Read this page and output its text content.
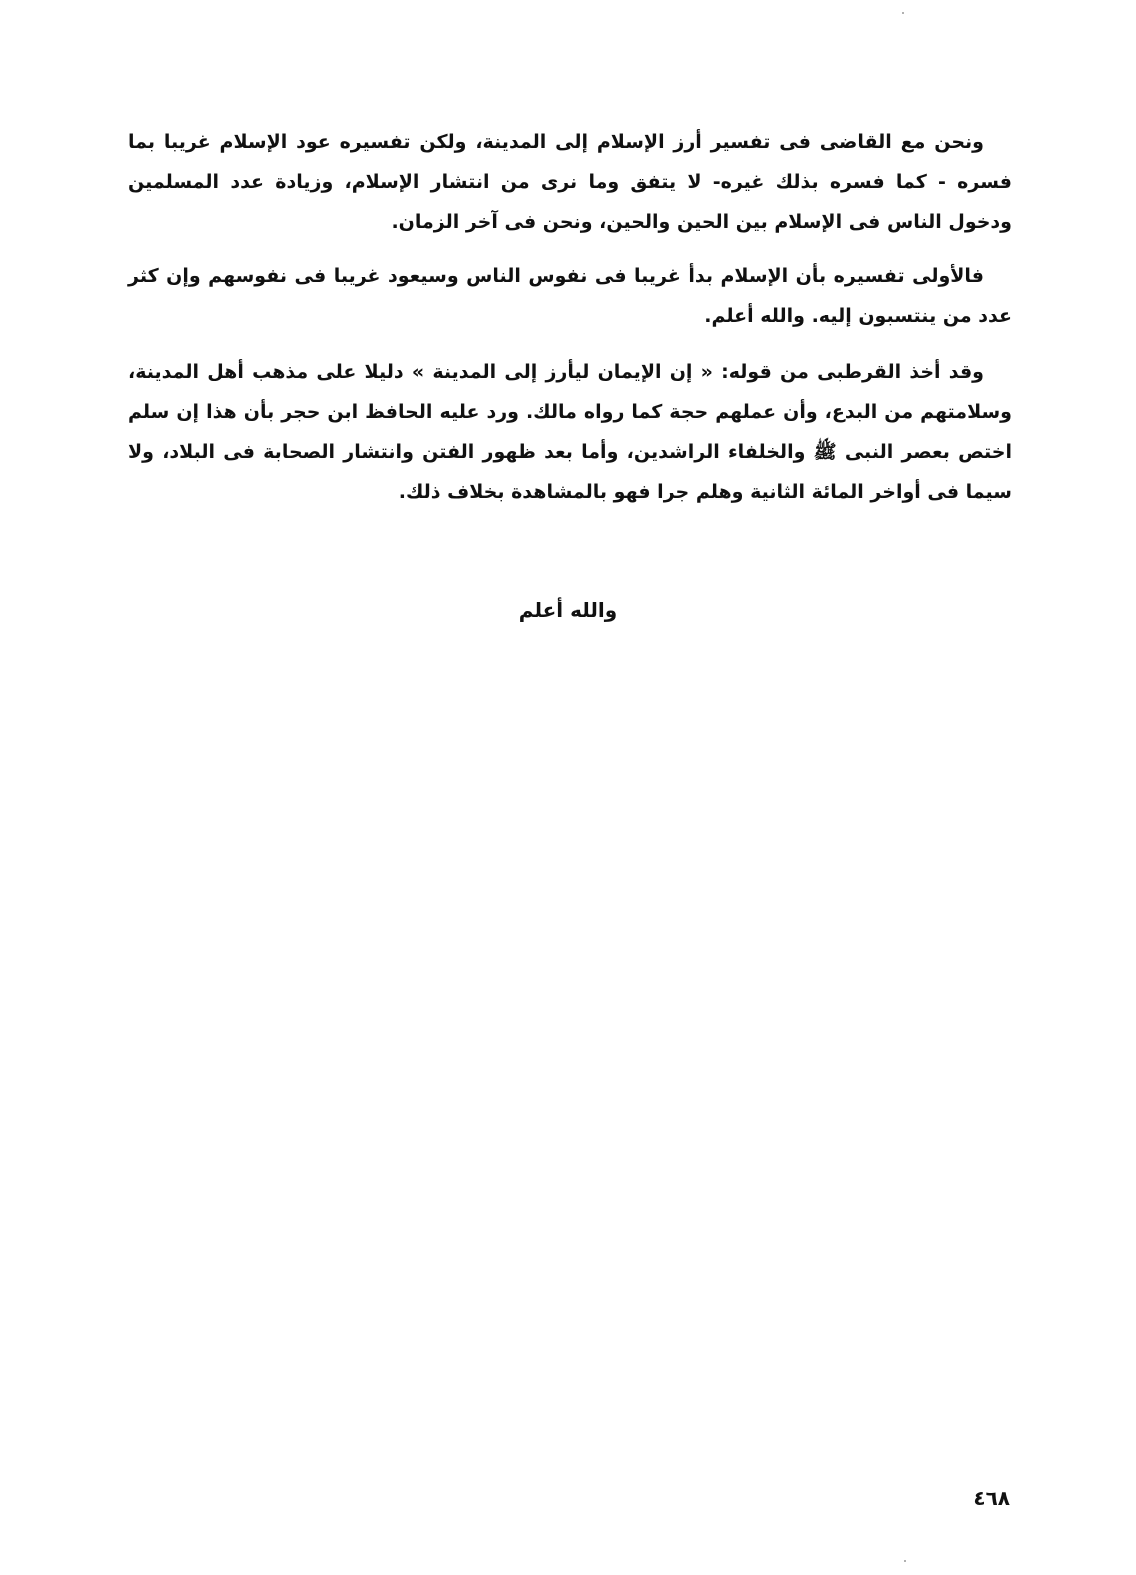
ونحن مع القاضى فى تفسير أرز الإسلام إلى المدينة، ولكن تفسيره عود الإسلام غريبا بما فسره - كما فسره بذلك غيره- لا يتفق وما نرى من انتشار الإسلام، وزيادة عدد المسلمين ودخول الناس فى الإسلام بين الحين والحين، ونحن فى آخر الزمان.

فالأولى تفسيره بأن الإسلام بدأ غريبا فى نفوس الناس وسيعود غريبا فى نفوسهم وإن كثر عدد من ينتسبون إليه. والله أعلم.

وقد أخذ القرطبى من قوله: « إن الإيمان ليأرز إلى المدينة » دليلا على مذهب أهل المدينة، وسلامتهم من البدع، وأن عملهم حجة كما رواه مالك. ورد عليه الحافظ ابن حجر بأن هذا إن سلم اختص بعصر النبى ﷺ والخلفاء الراشدين، وأما بعد ظهور الفتن وانتشار الصحابة فى البلاد، ولا سيما فى أواخر المائة الثانية وهلم جرا فهو بالمشاهدة بخلاف ذلك.

والله أعلم
٤٦٨
